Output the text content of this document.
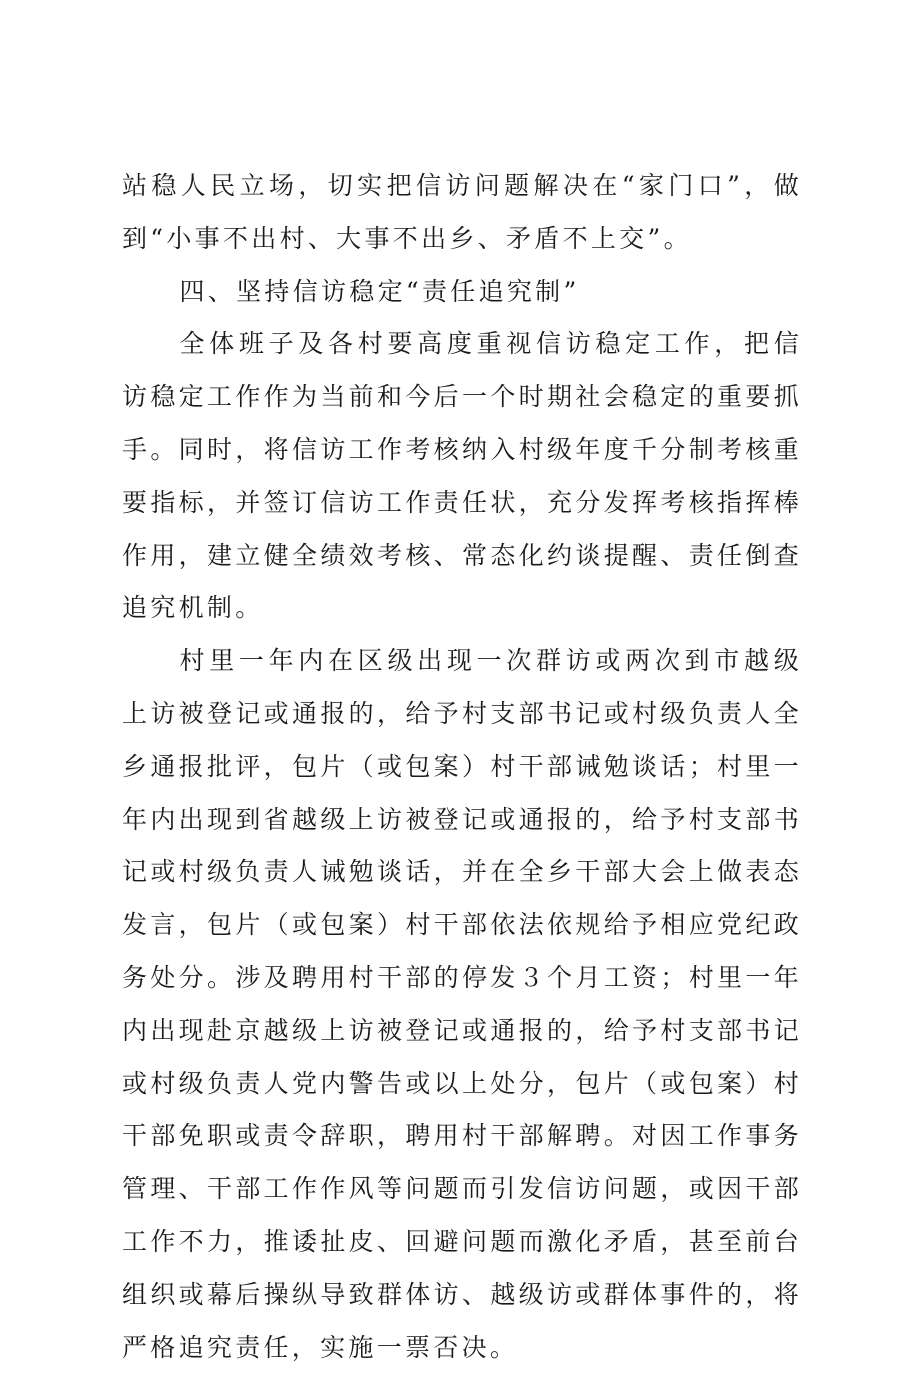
站稳人民立场，切实把信访问题解决在“家门口”，做到“小事不出村、大事不出乡、矛盾不上交”。

四、坚持信访稳定“责任追究制”

全体班子及各村要高度重视信访稳定工作，把信访稳定工作作为当前和今后一个时期社会稳定的重要抓手。同时，将信访工作考核纳入村级年度千分制考核重要指标，并签订信访工作责任状，充分发挥考核指挥棒作用，建立健全绩效考核、常态化约谈提醒、责任倒查追究机制。

村里一年内在区级出现一次群访或两次到市越级上访被登记或通报的，给予村支部书记或村级负责人全乡通报批评，包片（或包案）村干部诫勉谈话；村里一年内出现到省越级上访被登记或通报的，给予村支部书记或村级负责人诫勉谈话，并在全乡干部大会上做表态发言，包片（或包案）村干部依法依规给予相应党纪政务处分。涉及聘用村干部的停发３个月工资；村里一年内出现赴京越级上访被登记或通报的，给予村支部书记或村级负责人党内警告或以上处分，包片（或包案）村干部免职或责令辞职，聘用村干部解聘。对因工作事务管理、干部工作作风等问题而引发信访问题，或因干部工作不力，推诿扯皮、回避问题而激化矛盾，甚至前台组织或幕后操纵导致群体访、越级访或群体事件的，将严格追究责任，实施一票否决。
